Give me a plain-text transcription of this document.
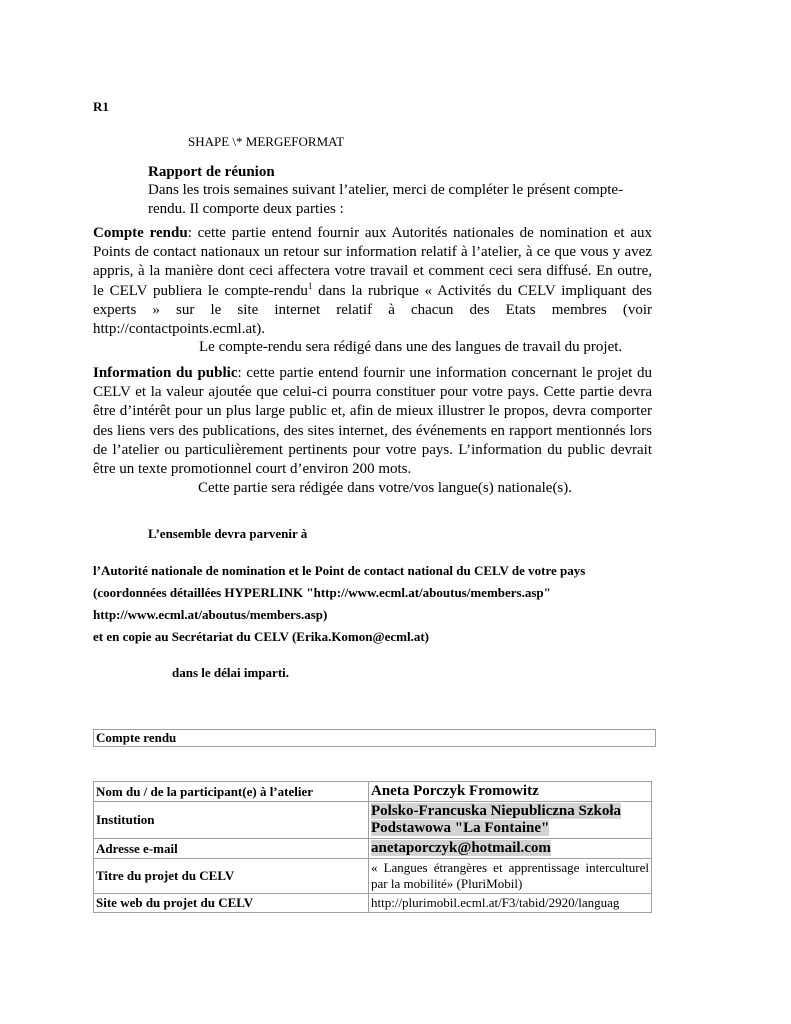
R1
SHAPE \* MERGEFORMAT
Rapport de réunion
Dans les trois semaines suivant l’atelier, merci de compléter le présent compte-rendu. Il comporte deux parties :

Compte rendu: cette partie entend fournir aux Autorités nationales de nomination et aux Points de contact nationaux un retour sur information relatif à l’atelier, à ce que vous y avez appris, à la manière dont ceci affectera votre travail et comment ceci sera diffusé. En outre, le CELV publiera le compte-rendu$^1$ dans la rubrique « Activités du CELV impliquant des experts » sur le site internet relatif à chacun des Etats membres (voir http://contactpoints.ecml.at).

Le compte-rendu sera rédigé dans une des langues de travail du projet.

Information du public: cette partie entend fournir une information concernant le projet du CELV et la valeur ajoutée que celui-ci pourra constituer pour votre pays. Cette partie devra être d’intérêt pour un plus large public et, afin de mieux illustrer le propos, devra comporter des liens vers des publications, des sites internet, des événements en rapport mentionnés lors de l’atelier ou particulièrement pertinents pour votre pays. L’information du public devrait être un texte promotionnel court d’environ 200 mots.

Cette partie sera rédigée dans votre/vos langue(s) nationale(s).
L’ensemble devra parvenir à
l’Autorité nationale de nomination et le Point de contact national du CELV de votre pays
(coordonnées détaillées HYPERLINK "http://www.ecml.at/aboutus/members.asp"
http://www.ecml.at/aboutus/members.asp)
et en copie au Secrétariat du CELV (Erika.Komon@ecml.at)
dans le délai imparti.
Compte rendu
Nom du / de la participant(e) à l’atelier	Aneta Porczyk Fromowitz
Institution	Polsko-Francuska Niepubliczna Szkoła Podstawowa "La Fontaine"
Adresse e-mail	anetaporczyk@hotmail.com
Titre du projet du CELV	« Langues étrangères et apprentissage interculturel par la mobilité» (PluriMobil)
Site web du projet du CELV	http://plurimobil.ecml.at/F3/tabid/2920/languag
